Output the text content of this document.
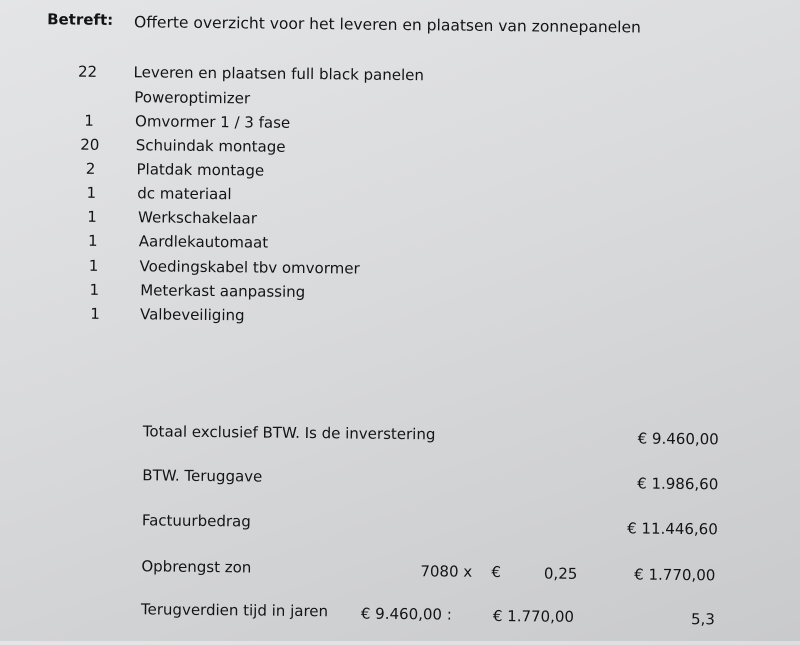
Betreft: Offerte overzicht voor het leveren en plaatsen van zonnepanelen
22	Leveren en plaatsen full black panelen
Poweroptimizer
1	Omvormer 1 / 3 fase
20	Schuindak montage
2	Platdak montage
1	dc materiaal
1	Werkschakelaar
1	Aardlekautomaat
1	Voedingskabel tbv omvormer
1	Meterkast aanpassing
1	Valbeveiliging
Totaal exclusief BTW. Is de inverstering	€ 9.460,00
BTW. Teruggave	€ 1.986,60
Factuurbedrag	€ 11.446,60
Opbrengst zon	7080 x €	0,25	€ 1.770,00
Terugverdien tijd in jaren € 9.460,00 :	€ 1.770,00	5,3
